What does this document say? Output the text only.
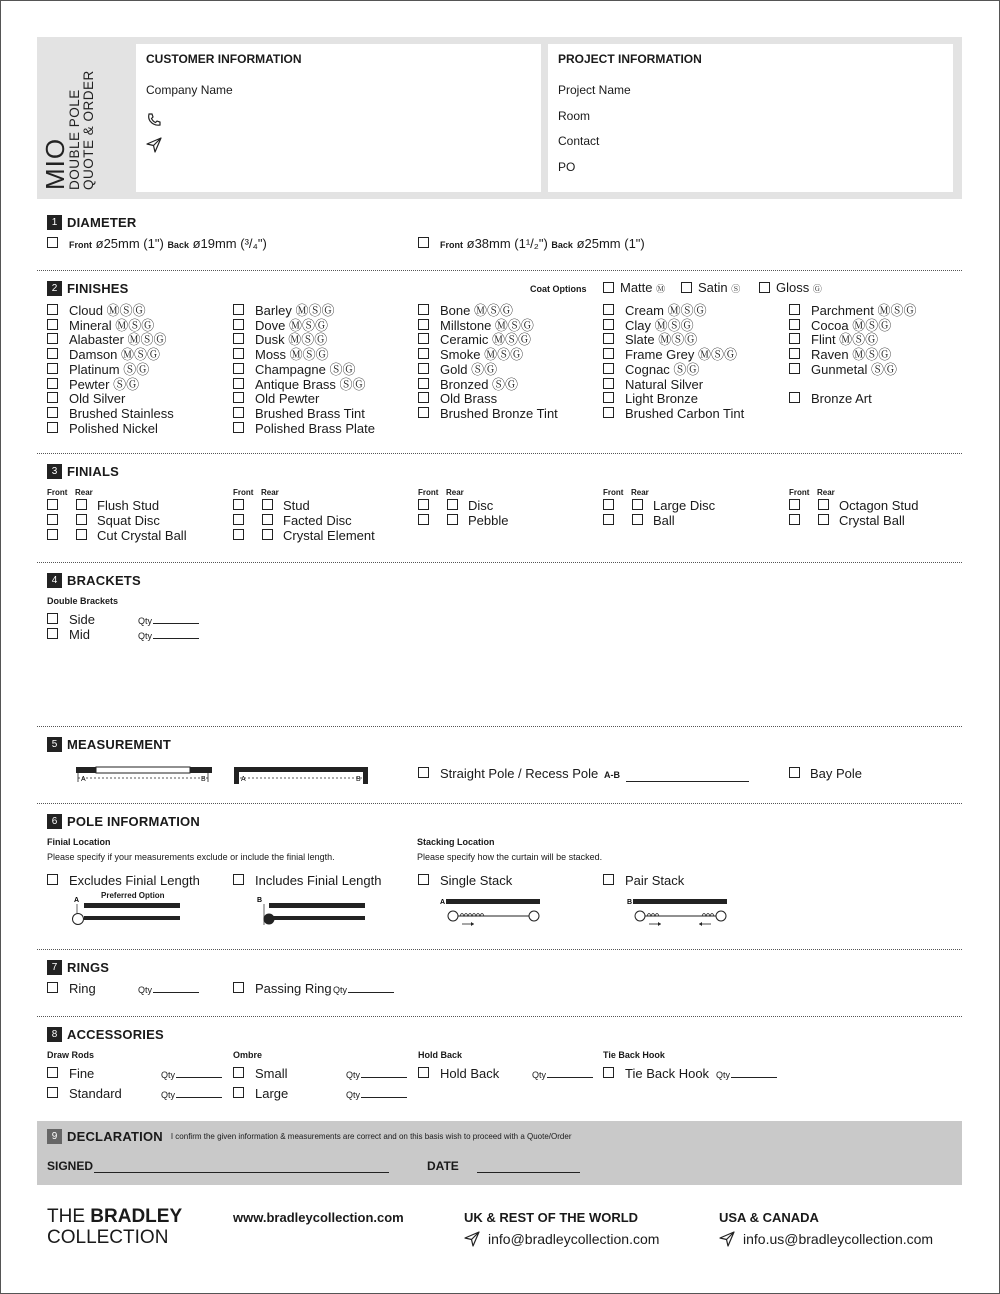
MIO
DOUBLE POLE QUOTE & ORDER
CUSTOMER INFORMATION
Company Name
PROJECT INFORMATION
Project Name
Room
Contact
PO
1 DIAMETER
Front ø25mm (1") Back ø19mm (³/₄")	Front ø38mm (1¹/₂") Back ø25mm (1")
2 FINISHES	Coat Options	Matte Ⓜ	Satin Ⓢ	Gloss Ⓖ
Cloud ⓂⓈⒼ
Mineral ⓂⓈⒼ
Alabaster ⓂⓈⒼ
Damson ⓂⓈⒼ
Platinum ⓈⒼ
Pewter ⓈⒼ
Old Silver
Brushed Stainless
Polished Nickel
Barley ⓂⓈⒼ
Dove ⓂⓈⒼ
Dusk ⓂⓈⒼ
Moss ⓂⓈⒼ
Champagne ⓈⒼ
Antique Brass ⓈⒼ
Old Pewter
Brushed Brass Tint
Polished Brass Plate
Bone ⓂⓈⒼ
Millstone ⓂⓈⒼ
Ceramic ⓂⓈⒼ
Smoke ⓂⓈⒼ
Gold ⓈⒼ
Bronzed ⓈⒼ
Old Brass
Brushed Bronze Tint
Cream ⓂⓈⒼ
Clay ⓂⓈⒼ
Slate ⓂⓈⒼ
Frame Grey ⓂⓈⒼ
Cognac ⓈⒼ
Natural Silver
Light Bronze
Brushed Carbon Tint
Parchment ⓂⓈⒼ
Cocoa ⓂⓈⒼ
Flint ⓂⓈⒼ
Raven ⓂⓈⒼ
Gunmetal ⓈⒼ
Bronze Art
3 FINIALS
Front Rear
Flush Stud
Squat Disc
Cut Crystal Ball
Front Rear
Stud
Facted Disc
Crystal Element
Front Rear
Disc
Pebble
Front Rear
Large Disc
Ball
Front Rear
Octagon Stud
Crystal Ball
4 BRACKETS
Double Brackets
Side	Qty
Mid	Qty
5 MEASUREMENT
A	B	A	B	Straight Pole / Recess Pole A-B	Bay Pole
6 POLE INFORMATION
Finial Location
Please specify if your measurements exclude or include the finial length.
Stacking Location
Please specify how the curtain will be stacked.
Excludes Finial Length	Includes Finial Length	Single Stack	Pair Stack
Preferred Option
A	B	A	B
7 RINGS
Ring	Qty	Passing Ring Qty
8 ACCESSORIES
Draw Rods
Fine	Qty
Standard	Qty
Ombre
Small	Qty
Large	Qty
Hold Back
Hold Back	Qty
Tie Back Hook
Tie Back Hook Qty
9 DECLARATION I confirm the given information & measurements are correct and on this basis wish to proceed with a Quote/Order
SIGNED	DATE
THE BRADLEY
COLLECTION
www.bradleycollection.com	UK & REST OF THE WORLD
info@bradleycollection.com
USA & CANADA
info.us@bradleycollection.com
